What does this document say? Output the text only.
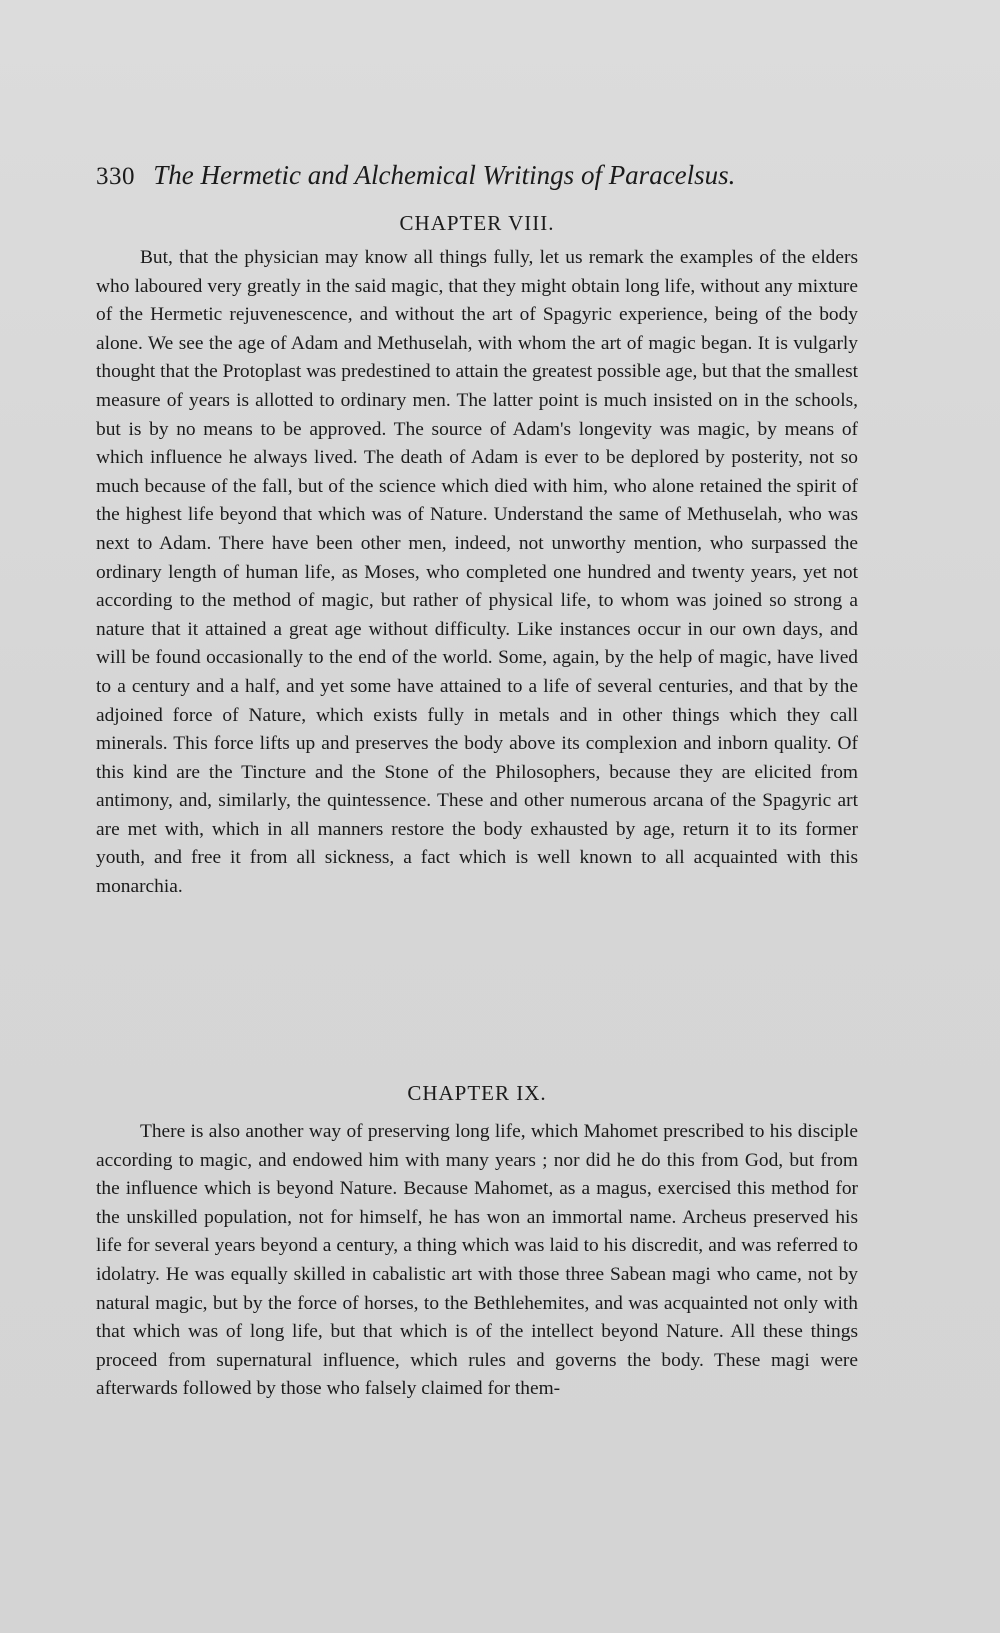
330 The Hermetic and Alchemical Writings of Paracelsus.
CHAPTER VIII.

But, that the physician may know all things fully, let us remark the examples of the elders who laboured very greatly in the said magic, that they might obtain long life, without any mixture of the Hermetic rejuvenescence, and without the art of Spagyric experience, being of the body alone. We see the age of Adam and Methuselah, with whom the art of magic began. It is vulgarly thought that the Protoplast was predestined to attain the greatest possible age, but that the smallest measure of years is allotted to ordinary men. The latter point is much insisted on in the schools, but is by no means to be approved. The source of Adam's longevity was magic, by means of which influence he always lived. The death of Adam is ever to be deplored by posterity, not so much because of the fall, but of the science which died with him, who alone retained the spirit of the highest life beyond that which was of Nature. Understand the same of Methuselah, who was next to Adam. There have been other men, indeed, not unworthy mention, who surpassed the ordinary length of human life, as Moses, who completed one hundred and twenty years, yet not according to the method of magic, but rather of physical life, to whom was joined so strong a nature that it attained a great age without difficulty. Like instances occur in our own days, and will be found occasionally to the end of the world. Some, again, by the help of magic, have lived to a century and a half, and yet some have attained to a life of several centuries, and that by the adjoined force of Nature, which exists fully in metals and in other things which they call minerals. This force lifts up and preserves the body above its complexion and inborn quality. Of this kind are the Tincture and the Stone of the Philosophers, because they are elicited from antimony, and, similarly, the quintessence. These and other numerous arcana of the Spagyric art are met with, which in all manners restore the body exhausted by age, return it to its former youth, and free it from all sickness, a fact which is well known to all acquainted with this monarchia.

CHAPTER IX.

There is also another way of preserving long life, which Mahomet prescribed to his disciple according to magic, and endowed him with many years ; nor did he do this from God, but from the influence which is beyond Nature. Because Mahomet, as a magus, exercised this method for the unskilled population, not for himself, he has won an immortal name. Archeus preserved his life for several years beyond a century, a thing which was laid to his discredit, and was referred to idolatry. He was equally skilled in cabalistic art with those three Sabean magi who came, not by natural magic, but by the force of horses, to the Bethlehemites, and was acquainted not only with that which was of long life, but that which is of the intellect beyond Nature. All these things proceed from supernatural influence, which rules and governs the body. These magi were afterwards followed by those who falsely claimed for them-
